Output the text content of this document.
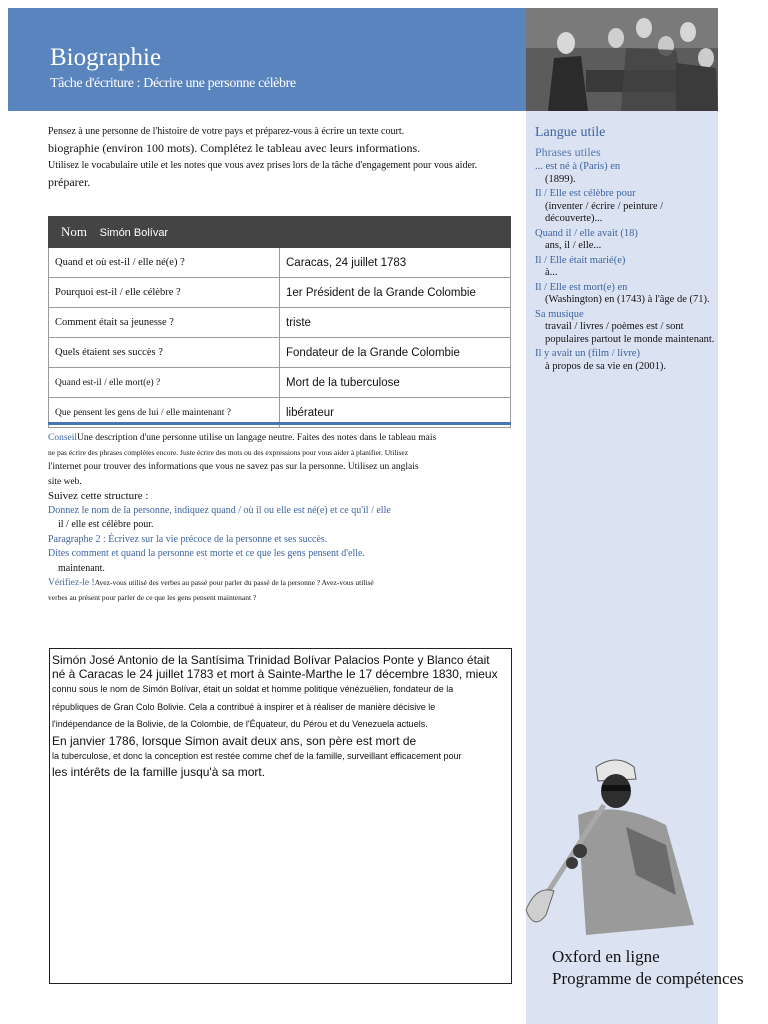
Biographie
Tâche d'écriture : Décrire une personne célèbre
Langue utile
Phrases utiles
... est né à (Paris) en
(1899).
Il / Elle est célèbre pour
(inventer / écrire / peinture / découverte)...
Quand il / elle avait (18)
ans, il / elle...
Il / Elle était marié(e)
à...
Il / Elle est mort(e) en
(Washington) en (1743) à l'âge de (71).
Sa musique
travail / livres / poèmes est / sont populaires partout le monde maintenant.
Il y avait un (film / livre)
à propos de sa vie en (2001).

Pensez à une personne de l'histoire de votre pays et préparez-vous à écrire un texte court.

biographie (environ 100 mots). Complétez le tableau avec leurs informations.

Utilisez le vocabulaire utile et les notes que vous avez prises lors de la tâche d'engagement pour vous aider.

préparer.

Nom Simón Bolívar	
Quand et où est-il / elle né(e) ?	Caracas, 24 juillet 1783
Pourquoi est-il / elle célèbre ?	1er Président de la Grande Colombie
Comment était sa jeunesse ?	triste
Quels étaient ses succès ?	Fondateur de la Grande Colombie
Quand est-il / elle mort(e) ?	Mort de la tuberculose
Que pensent les gens de lui / elle maintenant ?	libérateur

ConseilUne description d'une personne utilise un langage neutre. Faites des notes dans le tableau mais

ne pas écrire des phrases complètes encore. Juste écrire des mots ou des expressions pour vous aider à planifier. Utilisez

l'internet pour trouver des informations que vous ne savez pas sur la personne. Utilisez un anglais

site web.

Suivez cette structure :

Donnez le nom de la personne, indiquez quand / où il ou elle est né(e) et ce qu'il / elle

il / elle est célèbre pour.

Paragraphe 2 : Écrivez sur la vie précoce de la personne et ses succès.

Dites comment et quand la personne est morte et ce que les gens pensent d'elle.

maintenant.

Vérifiez-le !Avez-vous utilisé des verbes au passé pour parler du passé de la personne ? Avez-vous utilisé

verbes au présent pour parler de ce que les gens pensent maintenant ?

Simón José Antonio de la Santísima Trinidad Bolívar Palacios Ponte y Blanco était
né à Caracas le 24 juillet 1783 et mort à Sainte-Marthe le 17 décembre 1830, mieux
connu sous le nom de Simón Bolívar, était un soldat et homme politique vénézuélien, fondateur de la
républiques de Gran Colo Bolivie. Cela a contribué à inspirer et à réaliser de manière décisive le
l'indépendance de la Bolivie, de la Colombie, de l'Équateur, du Pérou et du Venezuela actuels.
En janvier 1786, lorsque Simon avait deux ans, son père est mort de
la tuberculose, et donc la conception est restée comme chef de la famille, surveillant efficacement pour
les intérêts de la famille jusqu'à sa mort.
Oxford en ligne
Programme de compétences
